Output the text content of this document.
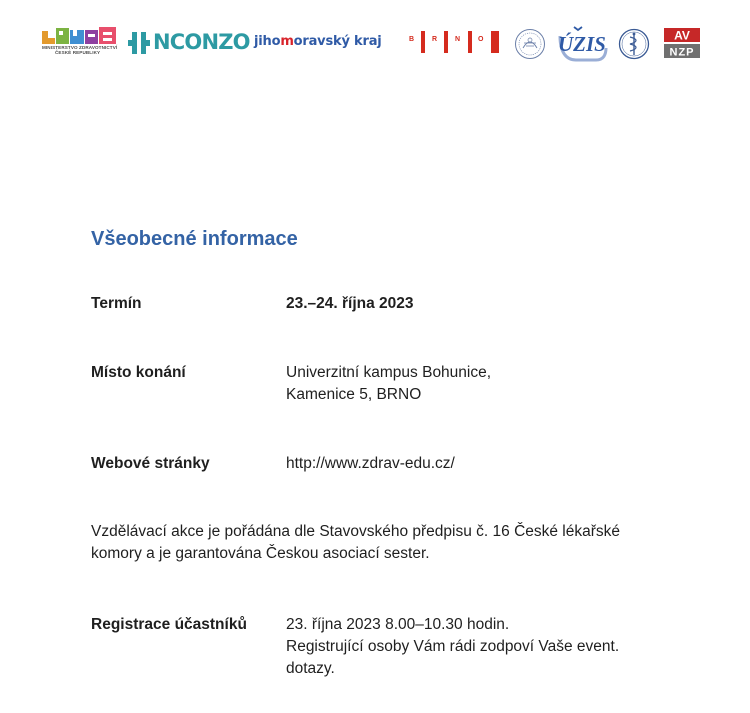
MINISTERSTVO ZDRAVOTNICTVÍ
ČESKÉ REPUBLIKY	NCONZO jihomoravský kraj	B	R	N	O	ÚZIS	AV
NZP
Všeobecné informace
Termín	23.–24. října 2023
Místo konání	Univerzitní kampus Bohunice,
Kamenice 5, BRNO
Webové stránky	http://www.zdrav-edu.cz/
Vzdělávací akce je pořádána dle Stavovského předpisu č. 16 České lékařské
komory a je garantována Českou asociací sester.
Registrace účastníků	23. října 2023 8.00–10.30 hodin.
Registrující osoby Vám rádi zodpoví Vaše event.
dotazy.
